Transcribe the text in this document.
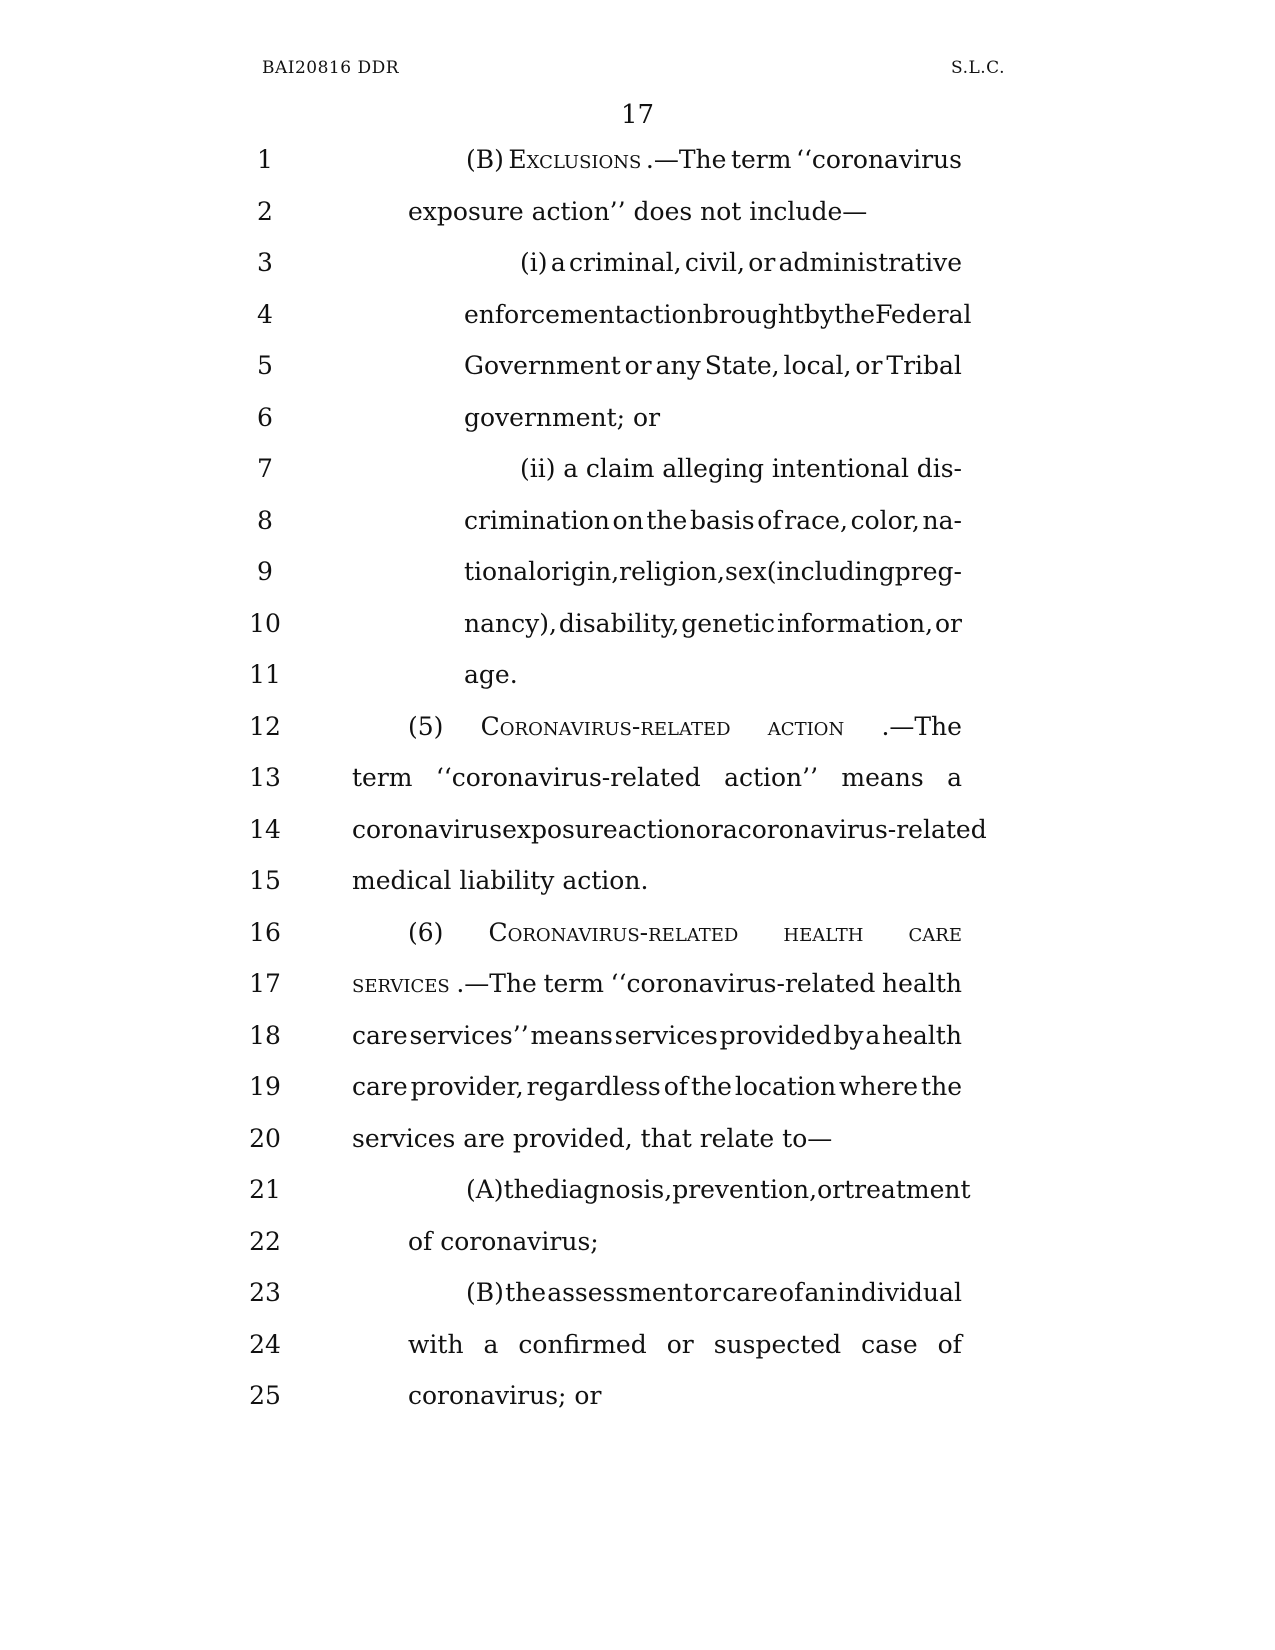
BAI20816 DDR	S.L.C.
17
1	(B) Exclusions .—The term ‘‘coronavirus
2	exposure action’’ does not include—
3	(i) a criminal, civil, or administrative
4	enforcement action brought by the Federal
5	Government or any State, local, or Tribal
6	government; or
7	(ii) a claim alleging intentional dis-
8	crimination on the basis of race, color, na-
9	tional origin, religion, sex (including preg-
10	nancy), disability, genetic information, or
11	age.
12	(5) Coronavirus-related action .—The
13	term ‘‘coronavirus-related action’’ means a
14	coronavirus exposure action or a coronavirus-related
15	medical liability action.
16	(6) Coronavirus-related health care
17	services .—The term ‘‘coronavirus-related health
18	care services’’ means services provided by a health
19	care provider, regardless of the location where the
20	services are provided, that relate to—
21	(A) the diagnosis, prevention, or treatment
22	of coronavirus;
23	(B) the assessment or care of an individual
24	with a confirmed or suspected case of
25	coronavirus; or
